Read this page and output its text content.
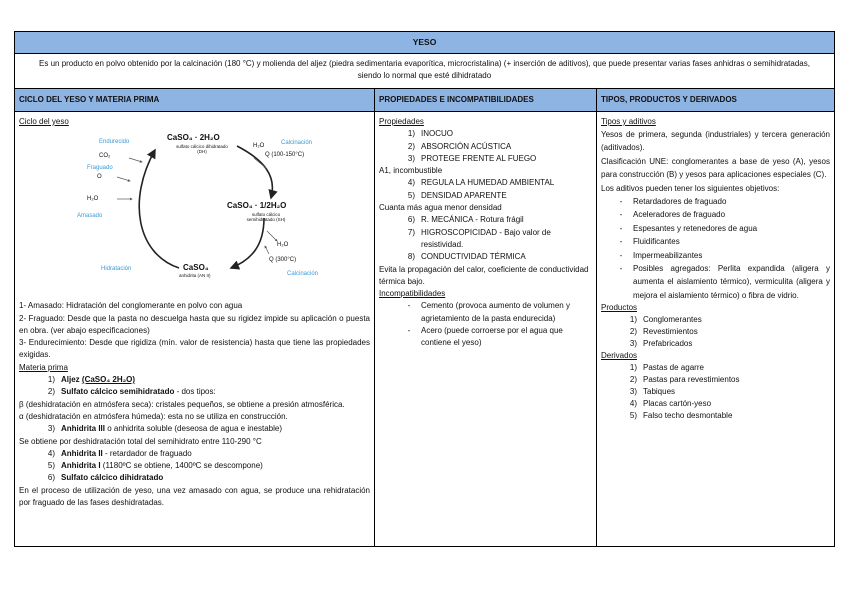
YESO
Es un producto en polvo obtenido por la calcinación (180 °C) y molienda del aljez (piedra sedimentaria evaporítica, microcristalina) (+ inserción de aditivos), que puede presentar varias fases anhidras o semihidratadas, siendo lo normal que esté dihidratado
CICLO DEL YESO Y MATERIA PRIMA
Ciclo del yeso
CaSO₄ · 2H₂O
sulfato cálcico dihidratado (DH)
CaSO₄ · 1/2H₂O
sulfato cálcico semihidratado (SH)
CaSO₄
anhidrita (AN II)
Endurecido
CO₂
Fraguado
O
H₂O
Amasado
Hidratación
Calcinación
H₂O
Q (100-150°C)
H₂O
Q (300°C)
Calcinación
1- Amasado: Hidratación del conglomerante en polvo con agua
2- Fraguado: Desde que la pasta no descuelga hasta que su rigidez impide su aplicación o puesta en obra. (ver abajo especificaciones)
3- Endurecimiento: Desde que rigidiza (mín. valor de resistencia) hasta que tiene las propiedades exigidas.
Materia prima
1) Aljez (CaSO₄ 2H₂O)
2) Sulfato cálcico semihidratado - dos tipos:
β (deshidratación en atmósfera seca): cristales pequeños, se obtiene a presión atmosférica.
α (deshidratación en atmósfera húmeda): esta no se utiliza en construcción.
3) Anhidrita III o anhidrita soluble (deseosa de agua e inestable)
Se obtiene por deshidratación total del semihidrato entre 110-290 °C
4) Anhidrita II - retardador de fraguado
5) Anhidrita I (1180ºC se obtiene, 1400ºC se descompone)
6) Sulfato cálcico dihidratado
En el proceso de utilización de yeso, una vez amasado con agua, se produce una rehidratación por fraguado de las fases deshidratadas.
PROPIEDADES E INCOMPATIBILIDADES
Propiedades
1) INOCUO
2) ABSORCIÓN ACÚSTICA
3) PROTEGE FRENTE AL FUEGO
A1, incombustible
4) REGULA LA HUMEDAD AMBIENTAL
5) DENSIDAD APARENTE
Cuanta más agua menor densidad
6) R. MECÁNICA - Rotura frágil
7) HIGROSCOPICIDAD - Bajo valor de resistividad.
8) CONDUCTIVIDAD TÉRMICA
Evita la propagación del calor, coeficiente de conductividad térmica bajo.
Incompatibilidades
-	Cemento (provoca aumento de volumen y agrietamiento de la pasta endurecida)
-	Acero (puede corroerse por el agua que contiene el yeso)
TIPOS, PRODUCTOS Y DERIVADOS
Tipos y aditivos
Yesos de primera, segunda (industriales) y tercera generación (aditivados).
Clasificación UNE: conglomerantes a base de yeso (A), yesos para construcción (B) y yesos para aplicaciones especiales (C).
Los aditivos pueden tener los siguientes objetivos:
-	Retardadores de fraguado
-	Aceleradores de fraguado
-	Espesantes y retenedores de agua
-	Fluidificantes
-	Impermeabilizantes
-	Posibles agregados: Perlita expandida (aligera y aumenta el aislamiento térmico), vermiculita (aligera y mejora el aislamiento térmico) o fibra de vidrio.
Productos
1) Conglomerantes
2) Revestimientos
3) Prefabricados
Derivados
1) Pastas de agarre
2) Pastas para revestimientos
3) Tabiques
4) Placas cartón-yeso
5) Falso techo desmontable
